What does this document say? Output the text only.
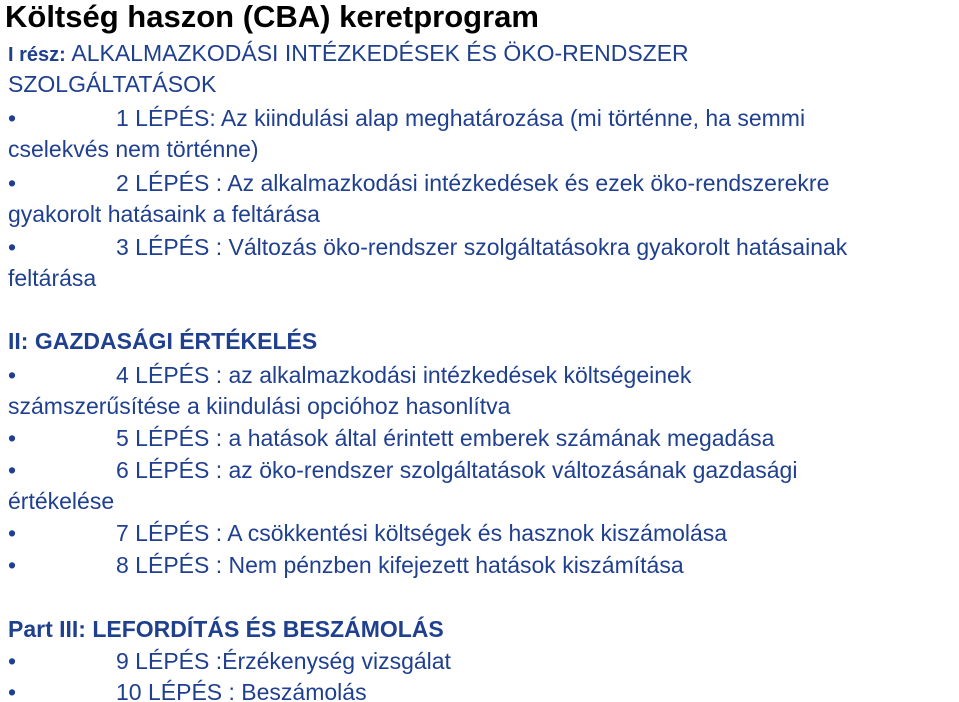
Költség haszon (CBA) keretprogram
I rész: ALKALMAZKODÁSI INTÉZKEDÉSEK ÉS ÖKO-RENDSZER
SZOLGÁLTATÁSOK
•	1 LÉPÉS: Az kiindulási alap meghatározása (mi történne, ha semmi
cselekvés nem történne)
•	2 LÉPÉS : Az alkalmazkodási intézkedések és ezek öko-rendszerekre
gyakorolt hatásaink a feltárása
•	3 LÉPÉS : Változás öko-rendszer szolgáltatásokra gyakorolt hatásainak
feltárása
II: GAZDASÁGI ÉRTÉKELÉS
•	4 LÉPÉS : az alkalmazkodási intézkedések költségeinek
számszerűsítése a kiindulási opcióhoz hasonlítva
•	5 LÉPÉS : a hatások által érintett emberek számának megadása
•	6 LÉPÉS : az öko-rendszer szolgáltatások változásának gazdasági
értékelése
•	7 LÉPÉS : A csökkentési költségek és hasznok kiszámolása
•	8 LÉPÉS : Nem pénzben kifejezett hatások kiszámítása
Part III: LEFORDÍTÁS ÉS BESZÁMOLÁS
•	9 LÉPÉS :Érzékenység vizsgálat
•	10 LÉPÉS : Beszámolás
